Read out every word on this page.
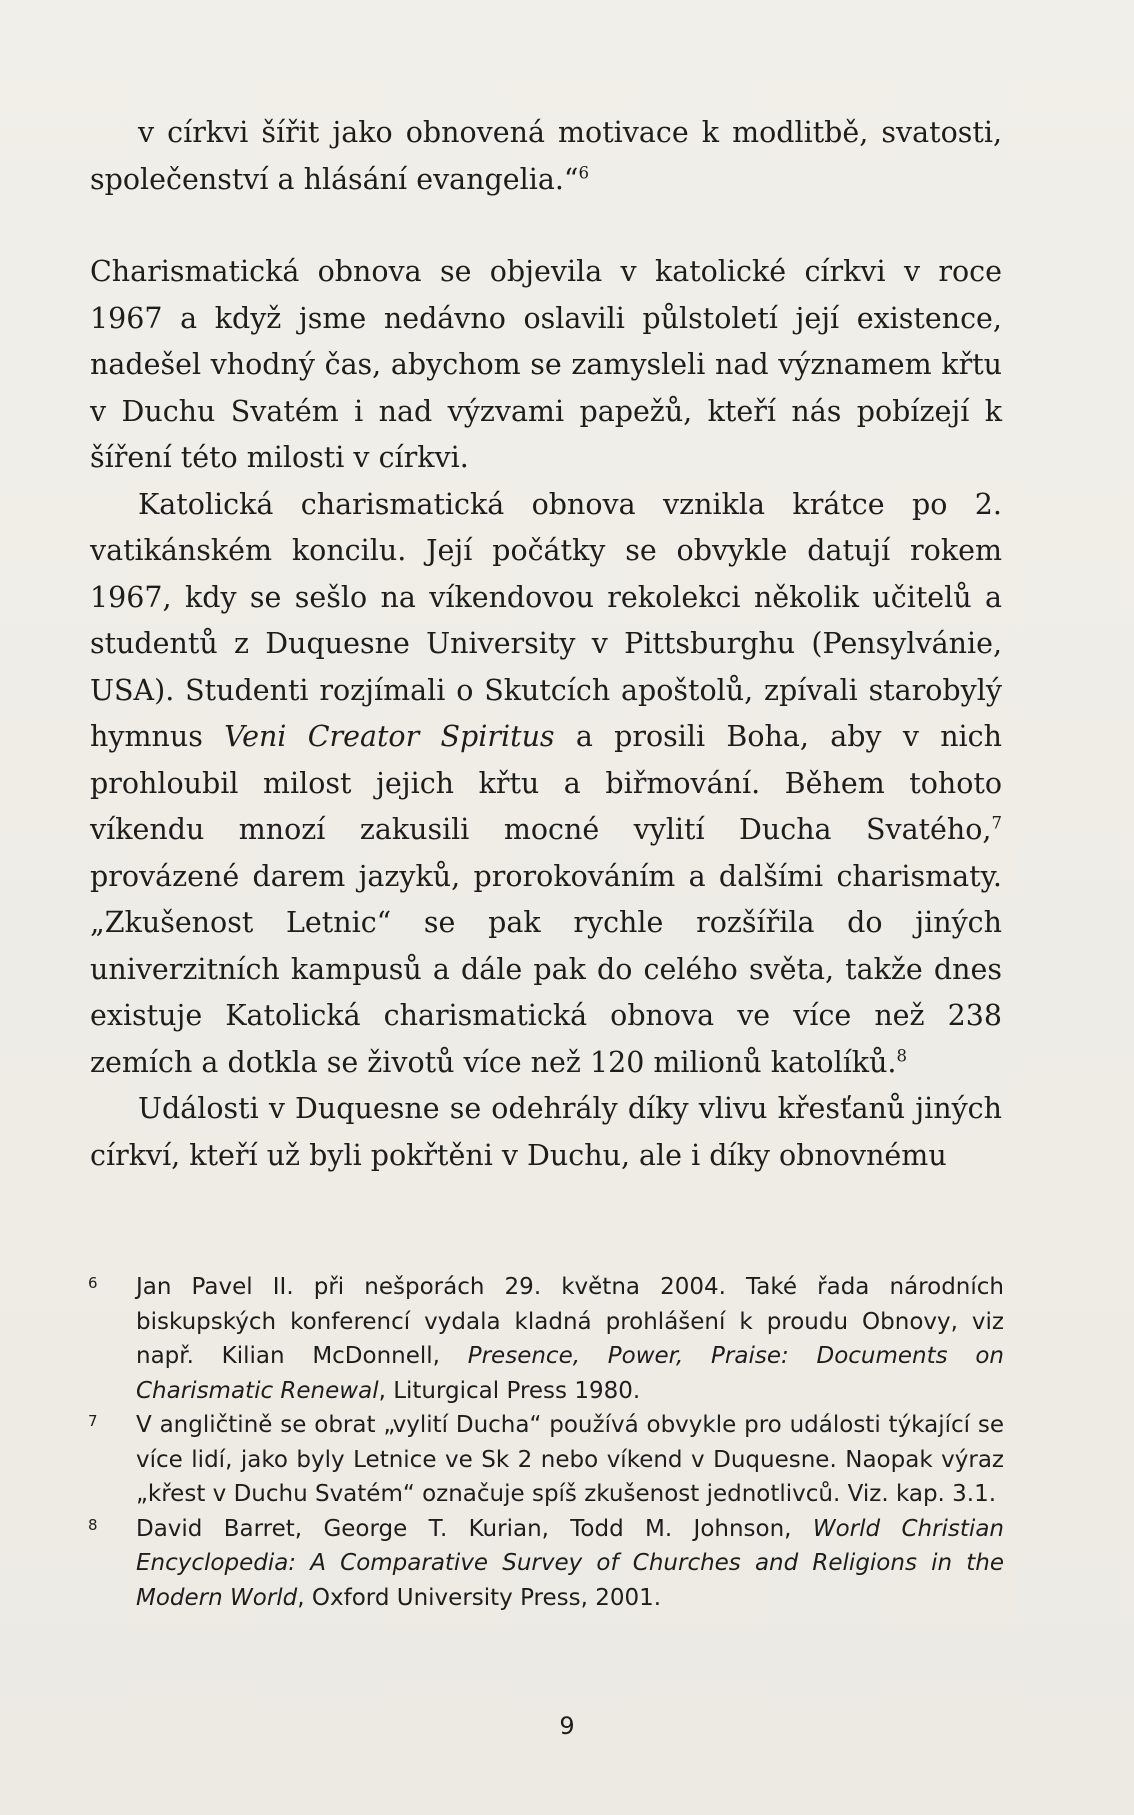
v církvi šířit jako obnovená motivace k modlitbě, svatosti, společenství a hlásání evangelia.“$^6$

Charismatická obnova se objevila v katolické církvi v roce 1967 a když jsme nedávno oslavili půlstoletí její existence, nadešel vhodný čas, abychom se zamysleli nad významem křtu v Duchu Svatém i nad výzvami papežů, kteří nás pobízejí k šíření této milosti v církvi.

Katolická charismatická obnova vznikla krátce po 2. vatikánském koncilu. Její počátky se obvykle datují rokem 1967, kdy se sešlo na víkendovou rekolekci několik učitelů a studentů z Duquesne University v Pittsburghu (Pensylvánie, USA). Studenti rozjímali o Skutcích apoštolů, zpívali starobylý hymnus Veni Creator Spiritus a prosili Boha, aby v nich prohloubil milost jejich křtu a biřmování. Během tohoto víkendu mnozí zakusili mocné vylití Ducha Svatého,$^7$ provázené darem jazyků, prorokováním a dalšími charismaty. „Zkušenost Letnic“ se pak rychle rozšířila do jiných univerzitních kampusů a dále pak do celého světa, takže dnes existuje Katolická charismatická obnova ve více než 238 zemích a dotkla se životů více než 120 milionů katolíků.$^8$

Události v Duquesne se odehrály díky vlivu křesťanů jiných církví, kteří už byli pokřtěni v Duchu, ale i díky obnovnému

6 Jan Pavel II. při nešporách 29. května 2004. Také řada národních biskupských konferencí vydala kladná prohlášení k proudu Obnovy, viz např. Kilian McDonnell, Presence, Power, Praise: Documents on Charismatic Renewal, Liturgical Press 1980.

7 V angličtině se obrat „vylití Ducha“ používá obvykle pro události týkající se více lidí, jako byly Letnice ve Sk 2 nebo víkend v Duquesne. Naopak výraz „křest v Duchu Svatém“ označuje spíš zkušenost jednotlivců. Viz. kap. 3.1.

8 David Barret, George T. Kurian, Todd M. Johnson, World Christian Encyclopedia: A Comparative Survey of Churches and Religions in the Modern World, Oxford University Press, 2001.

9
